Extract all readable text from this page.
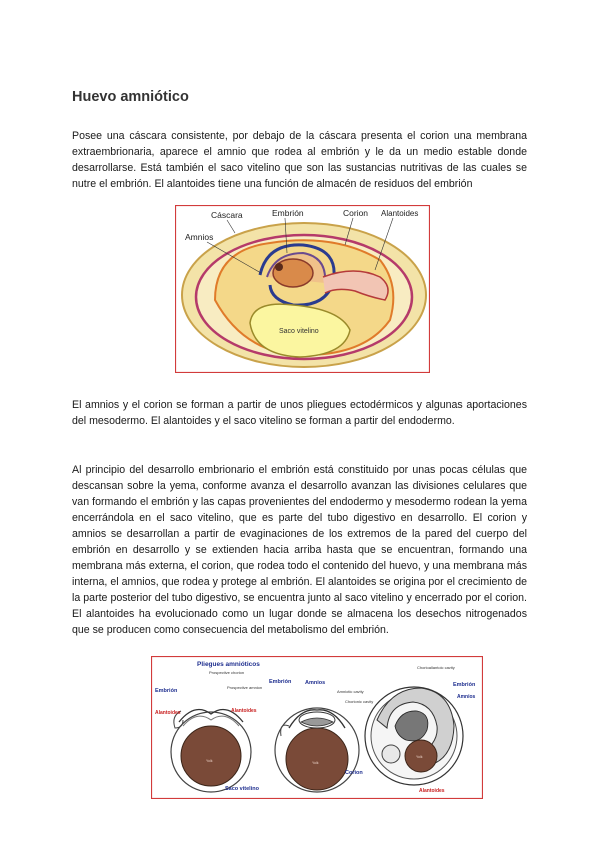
Huevo amniótico

Posee una cáscara consistente, por debajo de la cáscara presenta el corion una membrana extraembrionaria, aparece el amnio que rodea al embrión y le da un medio estable donde desarrollarse. Está también el saco vitelino que son las sustancias nutritivas de las cuales se nutre el embrión. El alantoides tiene una función de almacén de residuos del embrión

Cáscara	Embrión	Corion Alantoides
Amnios
Saco vitelino

El amnios y el corion se forman a partir de unos pliegues ectodérmicos y algunas aportaciones del mesodermo. El alantoides y el saco vitelino se forman a partir del endodermo.

Al principio del desarrollo embrionario el embrión está constituido por unas pocas células que descansan sobre la yema, conforme avanza el desarrollo avanzan las divisiones celulares que van formando el embrión y las capas provenientes del endodermo y mesodermo rodean la yema encerrándola en el saco vitelino, que es parte del tubo digestivo en desarrollo. El corion y amnios se desarrollan a partir de evaginaciones de los extremos de la pared del cuerpo del embrión en desarrollo y se extienden hacia arriba hasta que se encuentran, formando una membrana más externa, el corion, que rodea todo el contenido del huevo, y una membrana más interna, el amnios, que rodea y protege al embrión. El alantoides se origina por el crecimiento de la parte posterior del tubo digestivo, se encuentra junto al saco vitelino y encerrado por el corion. El alantoides ha evolucionado como un lugar donde se almacena los desechos nitrogenados que se producen como consecuencia del metabolismo del embrión.

Pliegues amnióticos
Prospective chorion
Prospective amnion
Embrión
Alantoides
Yolk
Embrión Amnios
Amniotic cavity
Chorionic cavity
Alantoides
Yolk
Corion
Saco vitelino
Chorioallantoic cavity
Embrión
Amnios
Yolk
Alantoides
